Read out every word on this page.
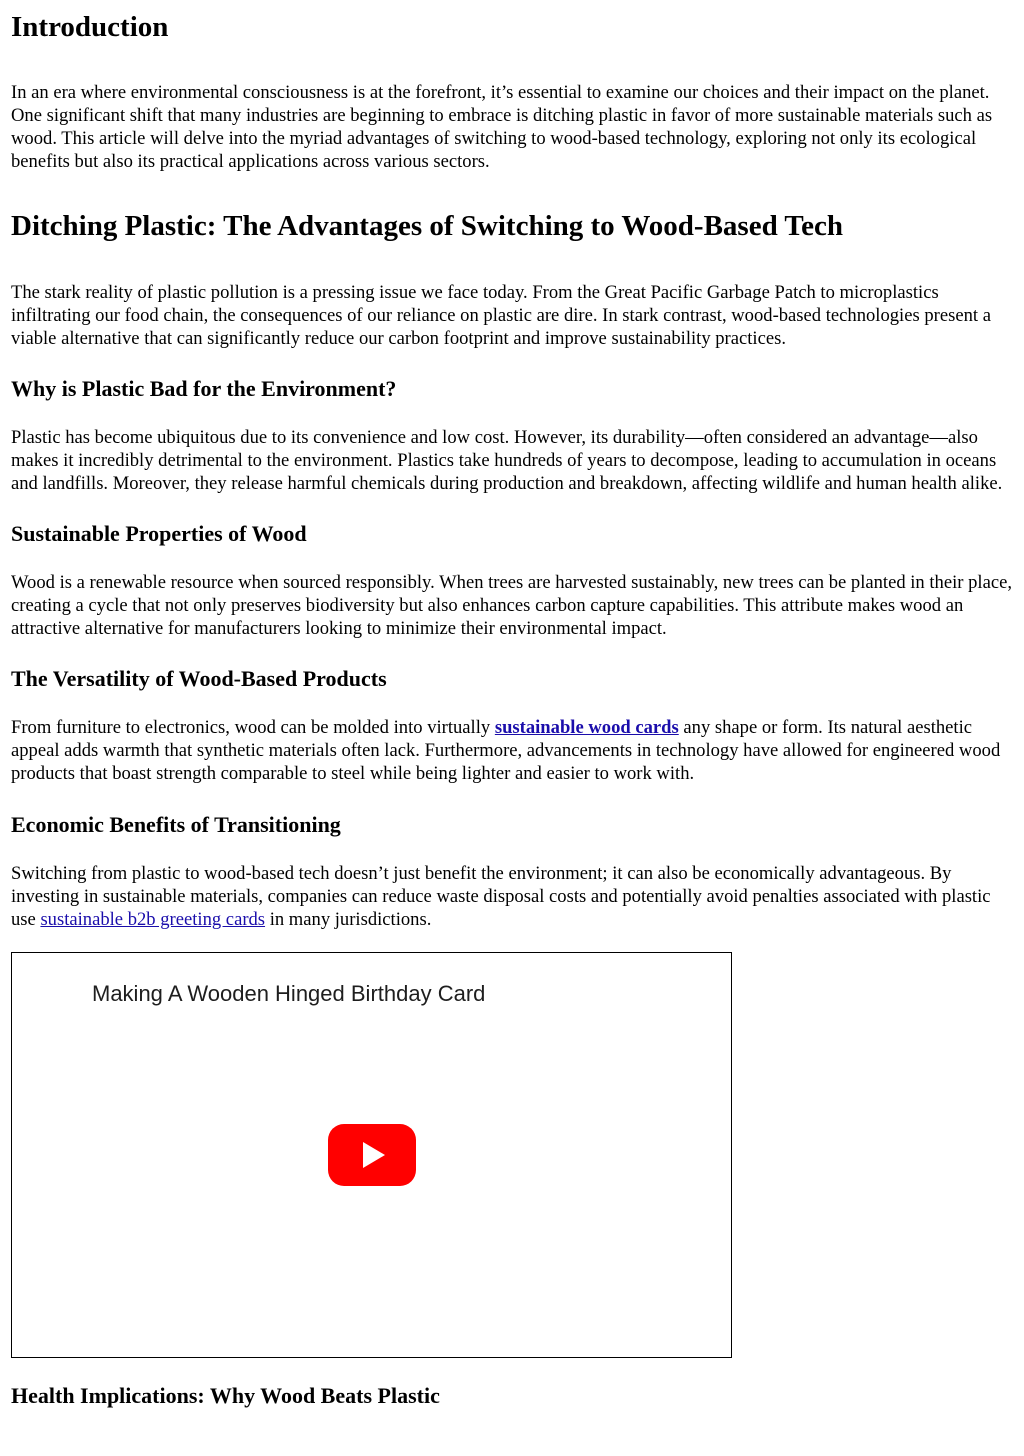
Introduction

In an era where environmental consciousness is at the forefront, it’s essential to examine our choices and their impact on the planet. One significant shift that many industries are beginning to embrace is ditching plastic in favor of more sustainable materials such as wood. This article will delve into the myriad advantages of switching to wood-based technology, exploring not only its ecological benefits but also its practical applications across various sectors.

Ditching Plastic: The Advantages of Switching to Wood-Based Tech

The stark reality of plastic pollution is a pressing issue we face today. From the Great Pacific Garbage Patch to microplastics infiltrating our food chain, the consequences of our reliance on plastic are dire. In stark contrast, wood-based technologies present a viable alternative that can significantly reduce our carbon footprint and improve sustainability practices.

Why is Plastic Bad for the Environment?

Plastic has become ubiquitous due to its convenience and low cost. However, its durability—often considered an advantage—also makes it incredibly detrimental to the environment. Plastics take hundreds of years to decompose, leading to accumulation in oceans and landfills. Moreover, they release harmful chemicals during production and breakdown, affecting wildlife and human health alike.

Sustainable Properties of Wood

Wood is a renewable resource when sourced responsibly. When trees are harvested sustainably, new trees can be planted in their place, creating a cycle that not only preserves biodiversity but also enhances carbon capture capabilities. This attribute makes wood an attractive alternative for manufacturers looking to minimize their environmental impact.

The Versatility of Wood-Based Products

From furniture to electronics, wood can be molded into virtually sustainable wood cards any shape or form. Its natural aesthetic appeal adds warmth that synthetic materials often lack. Furthermore, advancements in technology have allowed for engineered wood products that boast strength comparable to steel while being lighter and easier to work with.

Economic Benefits of Transitioning

Switching from plastic to wood-based tech doesn’t just benefit the environment; it can also be economically advantageous. By investing in sustainable materials, companies can reduce waste disposal costs and potentially avoid penalties associated with plastic use sustainable b2b greeting cards in many jurisdictions.

Making A Wooden Hinged Birthday Card
Health Implications: Why Wood Beats Plastic
